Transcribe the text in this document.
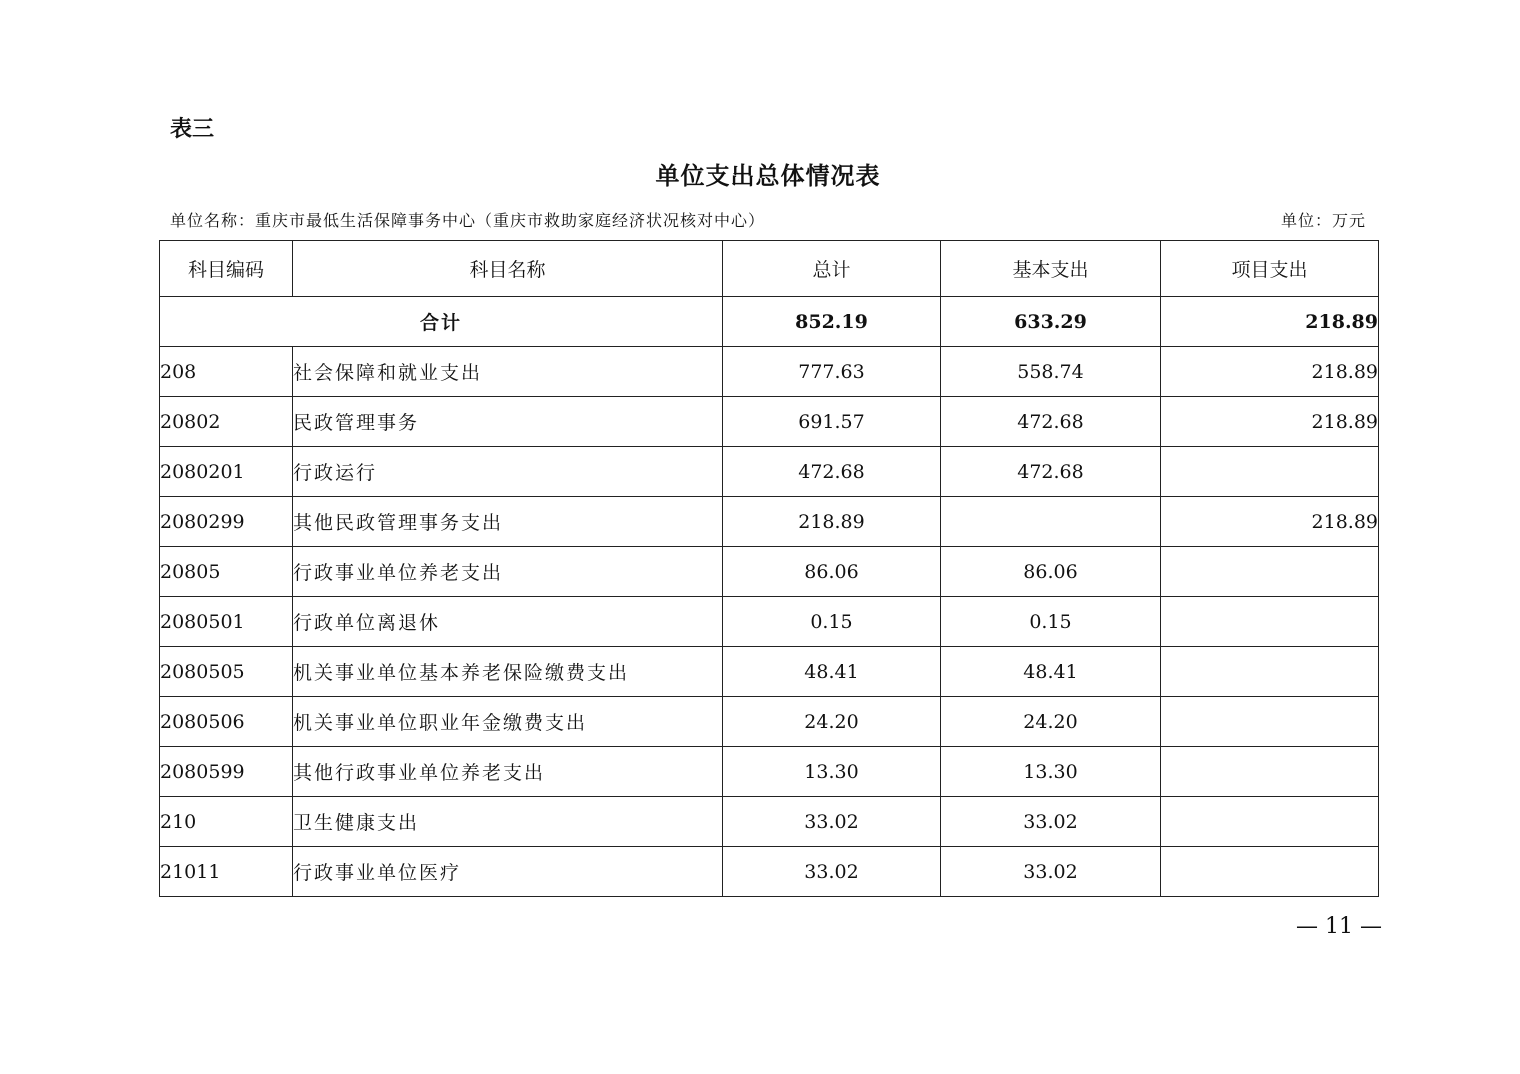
表三
单位支出总体情况表
单位名称：重庆市最低生活保障事务中心（重庆市救助家庭经济状况核对中心）	单位：万元
科目编码	科目名称	总计	基本支出	项目支出
合计		852.19	633.29	218.89
208	社会保障和就业支出	777.63	558.74	218.89
20802	民政管理事务	691.57	472.68	218.89
2080201	行政运行	472.68	472.68	
2080299	其他民政管理事务支出	218.89		218.89
20805	行政事业单位养老支出	86.06	86.06	
2080501	行政单位离退休	0.15	0.15	
2080505	机关事业单位基本养老保险缴费支出	48.41	48.41	
2080506	机关事业单位职业年金缴费支出	24.20	24.20	
2080599	其他行政事业单位养老支出	13.30	13.30	
210	卫生健康支出	33.02	33.02	
21011	行政事业单位医疗	33.02	33.02	
— 11 —
